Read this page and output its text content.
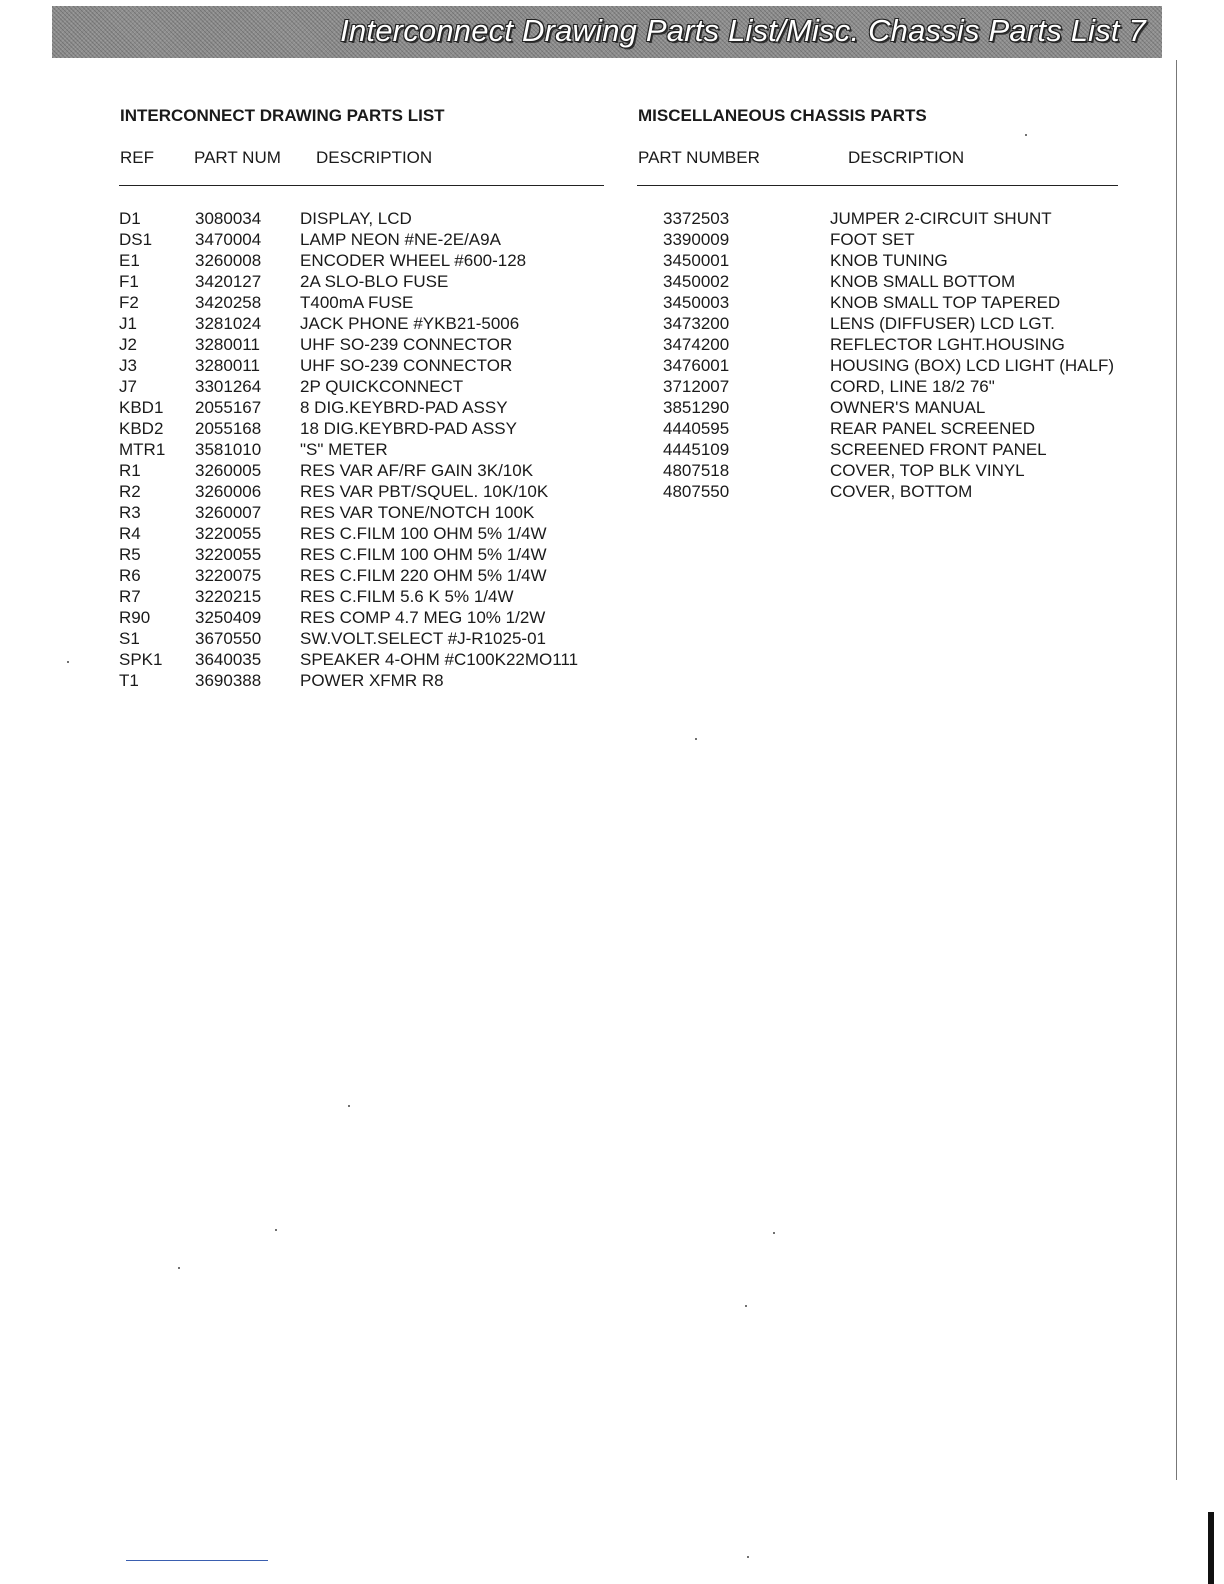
Interconnect Drawing Parts List/Misc. Chassis Parts List 7
INTERCONNECT DRAWING PARTS LIST
REF PART NUM DESCRIPTION
D1	3080034 DISPLAY, LCD
DS1	3470004 LAMP NEON #NE-2E/A9A
E1	3260008 ENCODER WHEEL #600-128
F1	3420127 2A SLO-BLO FUSE
F2	3420258 T400mA FUSE
J1	3281024 JACK PHONE #YKB21-5006
J2	3280011 UHF SO-239 CONNECTOR
J3	3280011 UHF SO-239 CONNECTOR
J7	3301264 2P QUICKCONNECT
KBD1 2055167 8 DIG.KEYBRD-PAD ASSY
KBD2 2055168 18 DIG.KEYBRD-PAD ASSY
MTR1 3581010 "S" METER
R1	3260005 RES VAR AF/RF GAIN 3K/10K
R2	3260006 RES VAR PBT/SQUEL. 10K/10K
R3	3260007 RES VAR TONE/NOTCH 100K
R4	3220055 RES C.FILM 100 OHM 5% 1/4W
R5	3220055 RES C.FILM 100 OHM 5% 1/4W
R6	3220075 RES C.FILM 220 OHM 5% 1/4W
R7	3220215 RES C.FILM 5.6 K 5% 1/4W
R90	3250409 RES COMP 4.7 MEG 10% 1/2W
S1	3670550 SW.VOLT.SELECT #J-R1025-01
SPK1 3640035 SPEAKER 4-OHM #C100K22MO111
T1	3690388 POWER XFMR R8
MISCELLANEOUS CHASSIS PARTS
PART NUMBER	DESCRIPTION
3372503	JUMPER 2-CIRCUIT SHUNT
3390009	FOOT SET
3450001	KNOB TUNING
3450002	KNOB SMALL BOTTOM
3450003	KNOB SMALL TOP TAPERED
3473200	LENS (DIFFUSER) LCD LGT.
3474200	REFLECTOR LGHT.HOUSING
3476001	HOUSING (BOX) LCD LIGHT (HALF)
3712007	CORD, LINE 18/2 76"
3851290	OWNER'S MANUAL
4440595	REAR PANEL SCREENED
4445109	SCREENED FRONT PANEL
4807518	COVER, TOP BLK VINYL
4807550	COVER, BOTTOM
